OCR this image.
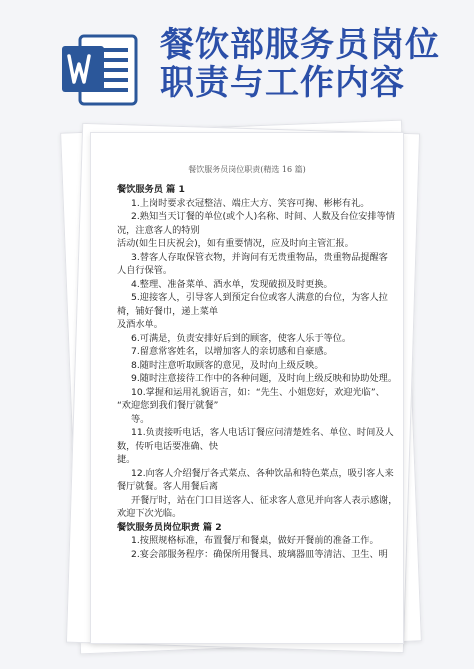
餐饮部服务员岗位
职责与工作内容
餐饮服务员岗位职责(精选 16 篇)
餐饮服务员 篇 1
1.上岗时要求衣冠整洁、端庄大方、笑容可掬、彬彬有礼。
2.熟知当天订餐的单位(或个人)名称、时间、人数及台位安排等情
况，注意客人的特别
活动(如生日庆祝会)，如有重要情况，应及时向主管汇报。
3.替客人存取保管衣物，并询问有无贵重物品，贵重物品提醒客
人自行保管。
4.整理、准备菜单、酒水单，发现破损及时更换。
5.迎接客人，引导客人到预定台位或客人满意的台位，为客人拉
椅，铺好餐巾，递上菜单
及酒水单。
6.可满是，负责安排好后到的顾客，使客人乐于等位。
7.留意常客姓名，以增加客人的亲切感和自豪感。
8.随时注意听取顾客的意见，及时向上级反映。
9.随时注意接待工作中的各种问题，及时向上级反映和协助处理。
10.掌握和运用礼貌语言，如：“先生、小姐您好，欢迎光临”、
“欢迎您到我们餐厅就餐”
等。
11.负责接听电话，客人电话订餐应问清楚姓名、单位、时间及人
数，传听电话要准确、快
捷。
12.向客人介绍餐厅各式菜点、各种饮品和特色菜点，吸引客人来
餐厅就餐。客人用餐后离
开餐厅时，站在门口目送客人、征求客人意见并向客人表示感谢，
欢迎下次光临。
餐饮服务员岗位职责 篇 2
1.按照规格标准，布置餐厅和餐桌，做好开餐前的准备工作。
2.宴会部服务程序：确保所用餐具、玻璃器皿等清洁、卫生、明
